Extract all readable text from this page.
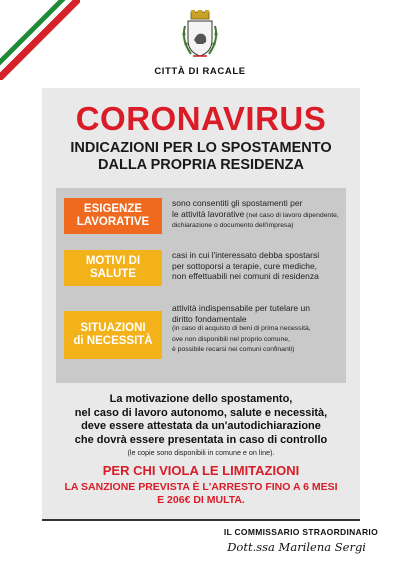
CITTÀ DI RACALE
CORONAVIRUS
INDICAZIONI PER LO SPOSTAMENTO
DALLA PROPRIA RESIDENZA
ESIGENZE
LAVORATIVE
sono consentiti gli spostamenti per
le attività lavorative (nel caso di lavoro dipendente,
dichiarazione o documento dell'impresa)
MOTIVI DI
SALUTE
casi in cui l'interessato debba spostarsi
per sottoporsi a terapie, cure mediche,
non effettuabili nei comuni di residenza
SITUAZIONI
di NECESSITÀ
attività indispensabile per tutelare un
diritto fondamentale
(in caso di acquisto di beni di prima necessità,
ove non disponibili nel proprio comune,
è possibile recarsi nei comuni confinanti)
La motivazione dello spostamento,
nel caso di lavoro autonomo, salute e necessità,
deve essere attestata da un'autodichiarazione
che dovrà essere presentata in caso di controllo
(le copie sono disponibili in comune e on line).
PER CHI VIOLA LE LIMITAZIONI
LA SANZIONE PREVISTA È L'ARRESTO FINO A 6 MESI
E 206€ DI MULTA.
IL COMMISSARIO STRAORDINARIO
Dott.ssa Marilena Sergi
